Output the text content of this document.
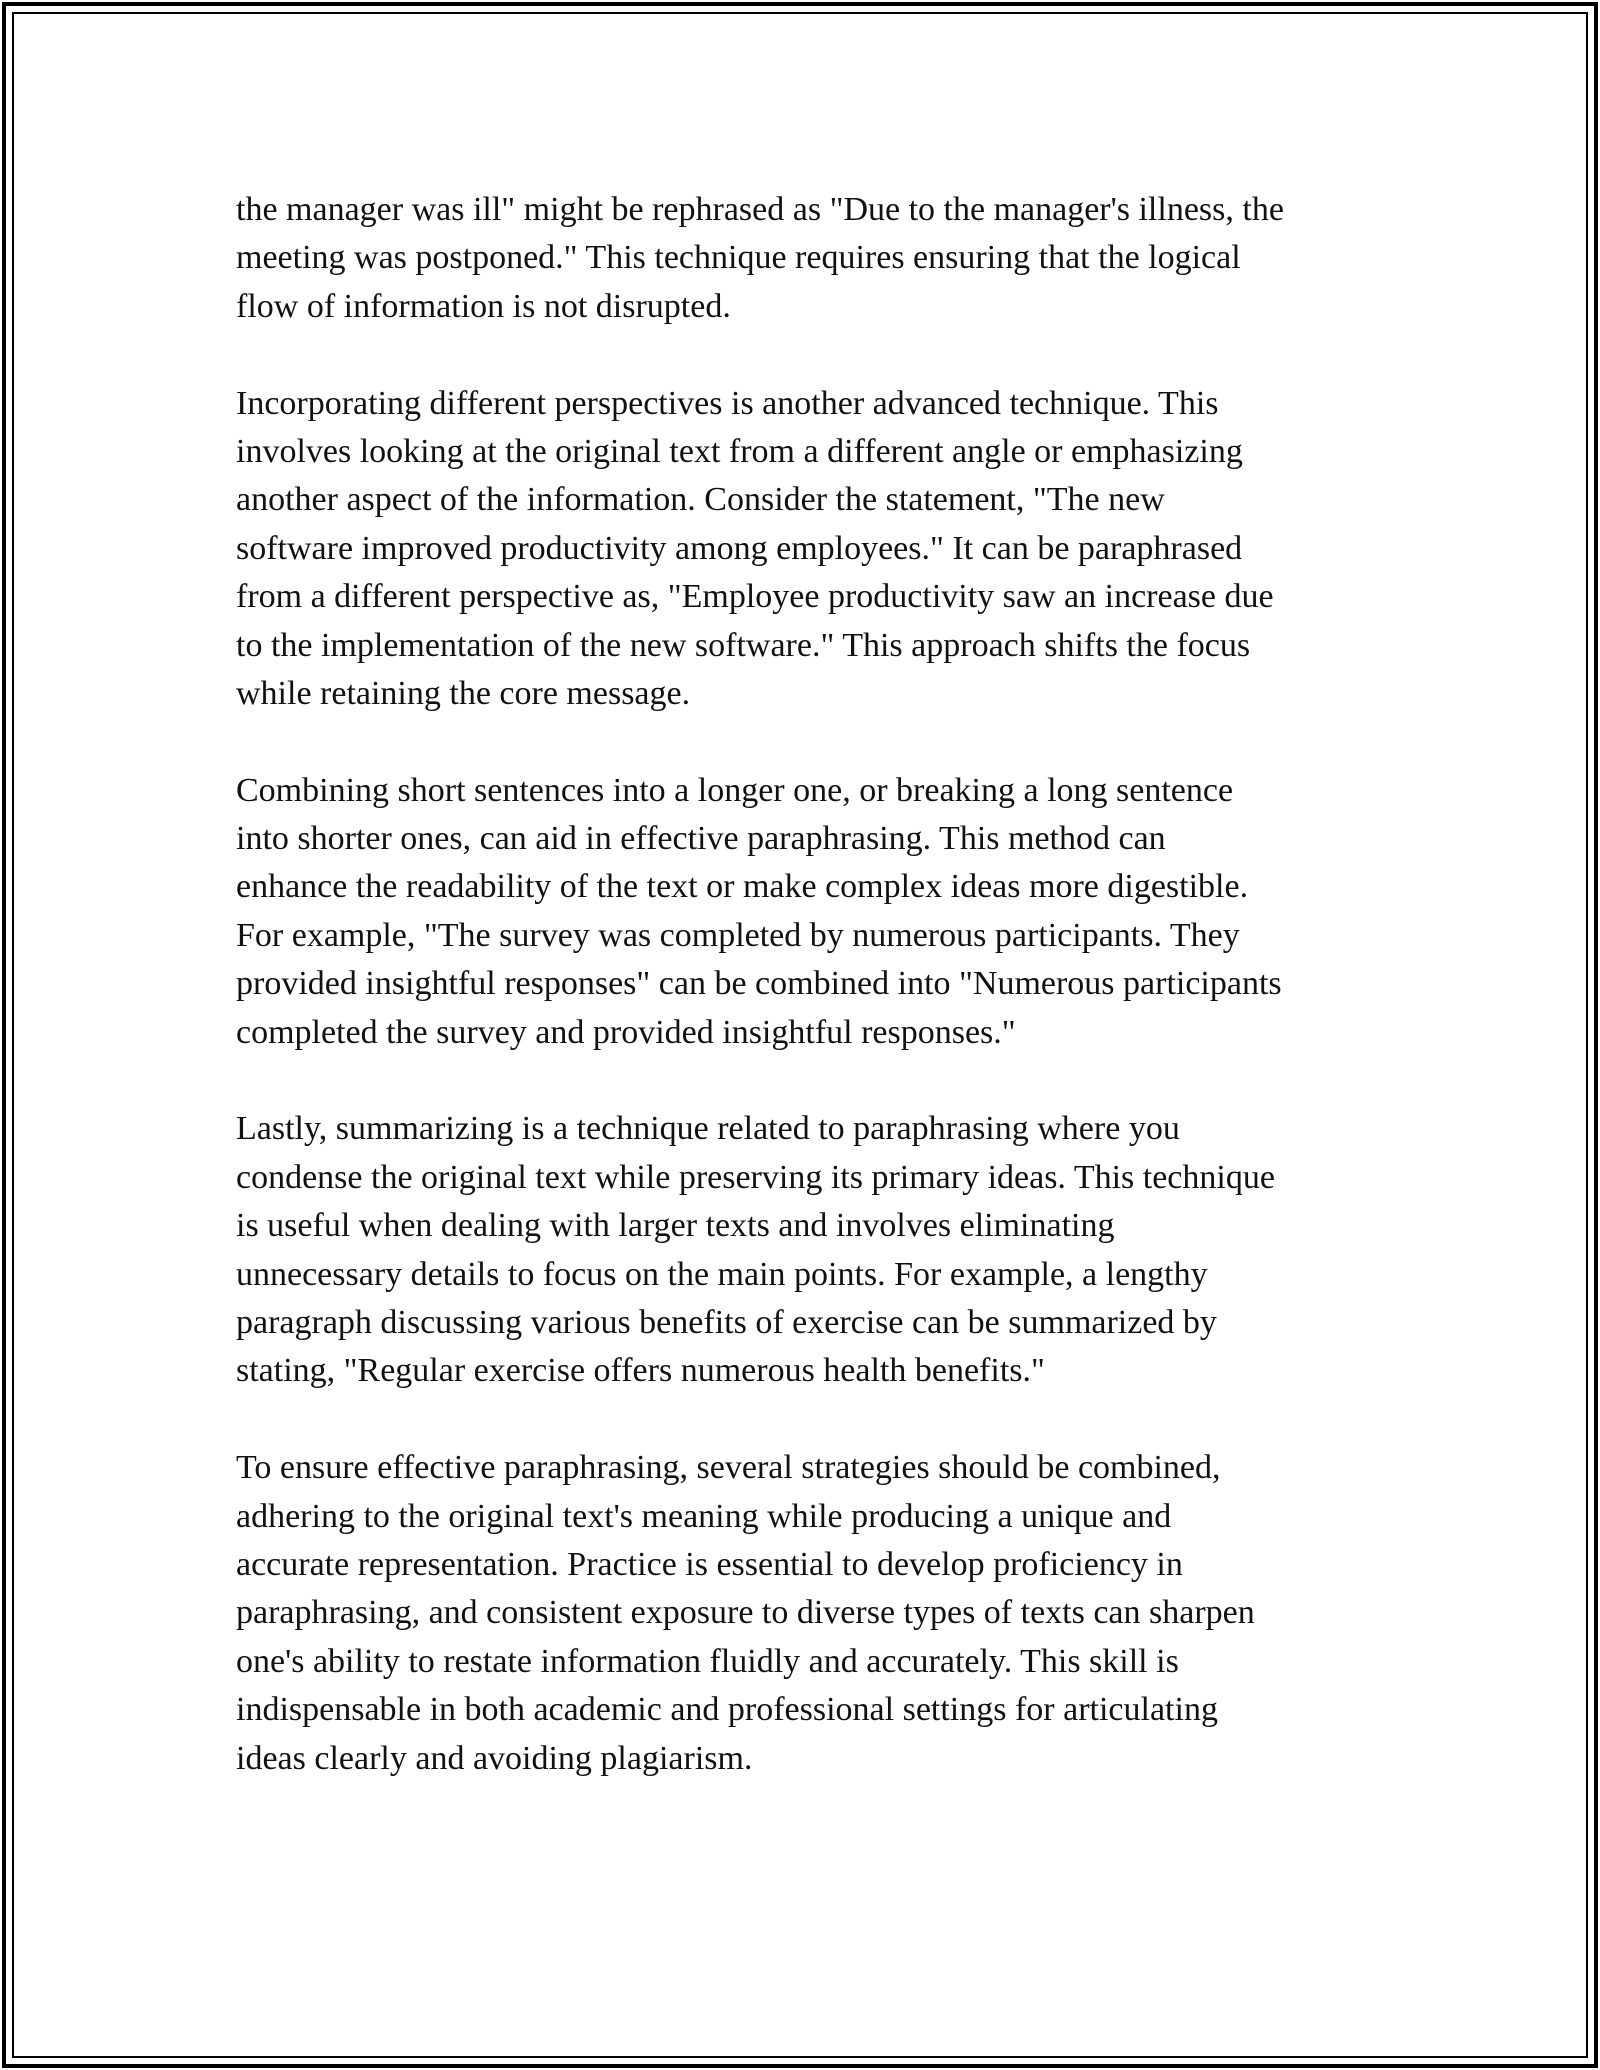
the manager was ill" might be rephrased as "Due to the manager's illness, the
meeting was postponed." This technique requires ensuring that the logical
flow of information is not disrupted.

Incorporating different perspectives is another advanced technique. This
involves looking at the original text from a different angle or emphasizing
another aspect of the information. Consider the statement, "The new
software improved productivity among employees." It can be paraphrased
from a different perspective as, "Employee productivity saw an increase due
to the implementation of the new software." This approach shifts the focus
while retaining the core message.

Combining short sentences into a longer one, or breaking a long sentence
into shorter ones, can aid in effective paraphrasing. This method can
enhance the readability of the text or make complex ideas more digestible.
For example, "The survey was completed by numerous participants. They
provided insightful responses" can be combined into "Numerous participants
completed the survey and provided insightful responses."

Lastly, summarizing is a technique related to paraphrasing where you
condense the original text while preserving its primary ideas. This technique
is useful when dealing with larger texts and involves eliminating
unnecessary details to focus on the main points. For example, a lengthy
paragraph discussing various benefits of exercise can be summarized by
stating, "Regular exercise offers numerous health benefits."

To ensure effective paraphrasing, several strategies should be combined,
adhering to the original text's meaning while producing a unique and
accurate representation. Practice is essential to develop proficiency in
paraphrasing, and consistent exposure to diverse types of texts can sharpen
one's ability to restate information fluidly and accurately. This skill is
indispensable in both academic and professional settings for articulating
ideas clearly and avoiding plagiarism.
